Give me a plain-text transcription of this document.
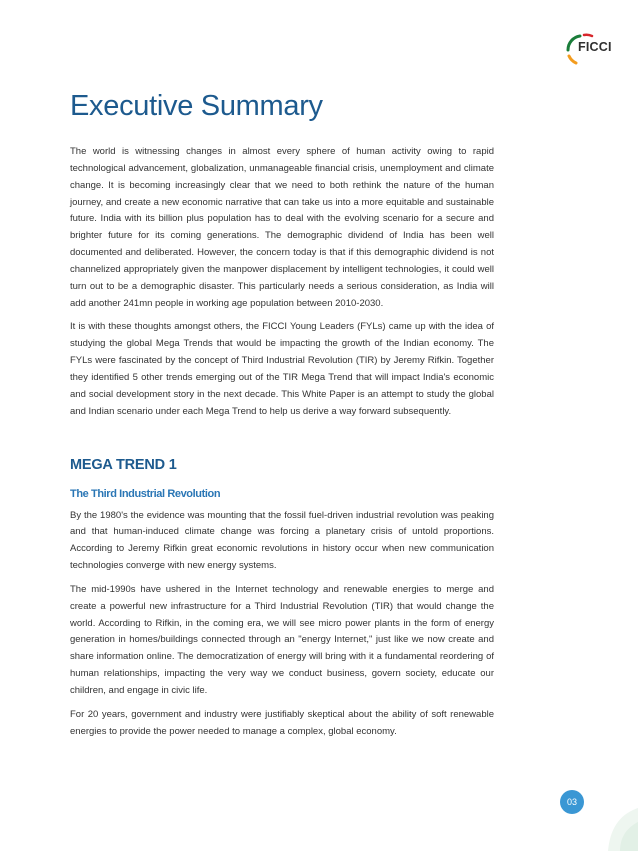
FICCI
Executive Summary

The world is witnessing changes in almost every sphere of human activity owing to rapid technological advancement, globalization, unmanageable financial crisis, unemployment and climate change. It is becoming increasingly clear that we need to both rethink the nature of the human journey, and create a new economic narrative that can take us into a more equitable and sustainable future. India with its billion plus population has to deal with the evolving scenario for a secure and brighter future for its coming generations. The demographic dividend of India has been well documented and deliberated. However, the concern today is that if this demographic dividend is not channelized appropriately given the manpower displacement by intelligent technologies, it could well turn out to be a demographic disaster. This particularly needs a serious consideration, as India will add another 241mn people in working age population between 2010-2030.

It is with these thoughts amongst others, the FICCI Young Leaders (FYLs) came up with the idea of studying the global Mega Trends that would be impacting the growth of the Indian economy. The FYLs were fascinated by the concept of Third Industrial Revolution (TIR) by Jeremy Rifkin. Together they identified 5 other trends emerging out of the TIR Mega Trend that will impact India's economic and social development story in the next decade. This White Paper is an attempt to study the global and Indian scenario under each Mega Trend to help us derive a way forward subsequently.

MEGA TREND 1
The Third Industrial Revolution

By the 1980's the evidence was mounting that the fossil fuel-driven industrial revolution was peaking and that human-induced climate change was forcing a planetary crisis of untold proportions. According to Jeremy Rifkin great economic revolutions in history occur when new communication technologies converge with new energy systems.

The mid-1990s have ushered in the Internet technology and renewable energies to merge and create a powerful new infrastructure for a Third Industrial Revolution (TIR) that would change the world. According to Rifkin, in the coming era, we will see micro power plants in the form of energy generation in homes/buildings connected through an "energy Internet," just like we now create and share information online. The democratization of energy will bring with it a fundamental reordering of human relationships, impacting the very way we conduct business, govern society, educate our children, and engage in civic life.

For 20 years, government and industry were justifiably skeptical about the ability of soft renewable energies to provide the power needed to manage a complex, global economy.

03
